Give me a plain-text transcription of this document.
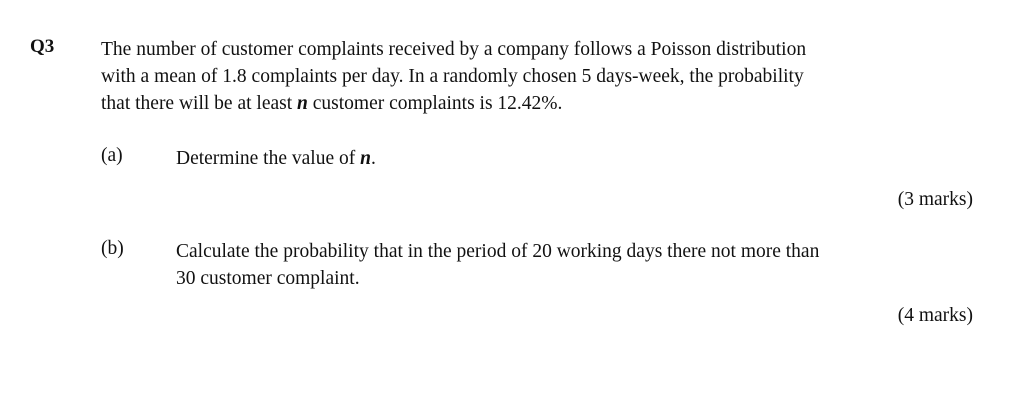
Q3 The number of customer complaints received by a company follows a Poisson distribution
with a mean of 1.8 complaints per day. In a randomly chosen 5 days-week, the probability
that there will be at least n customer complaints is 12.42%.
(a)	Determine the value of n.
(3 marks)
(b)	Calculate the probability that in the period of 20 working days there not more than
30 customer complaint.
(4 marks)
